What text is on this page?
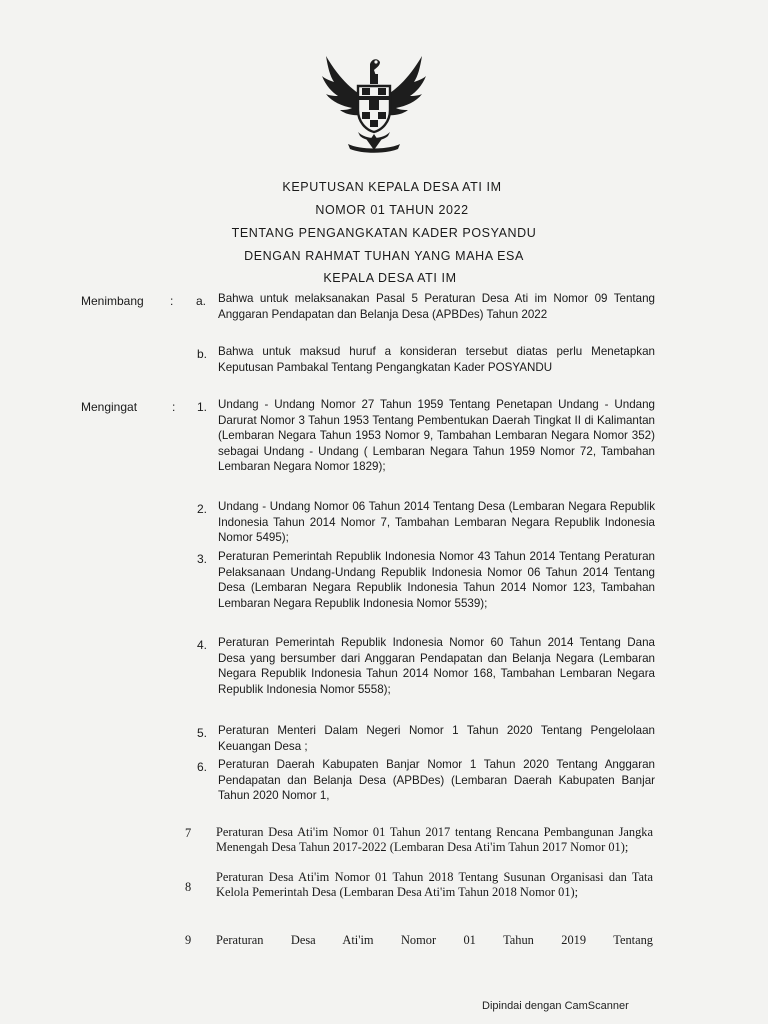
KEPUTUSAN KEPALA DESA ATI IM
NOMOR 01 TAHUN 2022
TENTANG PENGANGKATAN KADER POSYANDU
DENGAN RAHMAT TUHAN YANG MAHA ESA
KEPALA DESA ATI IM
Menimbang : a. Bahwa untuk melaksanakan Pasal 5 Peraturan Desa Ati im Nomor 09 Tentang Anggaran Pendapatan dan Belanja Desa (APBDes) Tahun 2022
b. Bahwa untuk maksud huruf a konsideran tersebut diatas perlu Menetapkan Keputusan Pambakal Tentang Pengangkatan Kader POSYANDU
Mengingat	: 1. Undang - Undang Nomor 27 Tahun 1959 Tentang Penetapan Undang - Undang Darurat Nomor 3 Tahun 1953 Tentang Pembentukan Daerah Tingkat II di Kalimantan (Lembaran Negara Tahun 1953 Nomor 9, Tambahan Lembaran Negara Nomor 352) sebagai Undang - Undang ( Lembaran Negara Tahun 1959 Nomor 72, Tambahan Lembaran Negara Nomor 1829);
2. Undang - Undang Nomor 06 Tahun 2014 Tentang Desa (Lembaran Negara Republik Indonesia Tahun 2014 Nomor 7, Tambahan Lembaran Negara Republik Indonesia Nomor 5495);
3. Peraturan Pemerintah Republik Indonesia Nomor 43 Tahun 2014 Tentang Peraturan Pelaksanaan Undang-Undang Republik Indonesia Nomor 06 Tahun 2014 Tentang Desa (Lembaran Negara Republik Indonesia Tahun 2014 Nomor 123, Tambahan Lembaran Negara Republik Indonesia Nomor 5539);
4. Peraturan Pemerintah Republik Indonesia Nomor 60 Tahun 2014 Tentang Dana Desa yang bersumber dari Anggaran Pendapatan dan Belanja Negara (Lembaran Negara Republik Indonesia Tahun 2014 Nomor 168, Tambahan Lembaran Negara Republik Indonesia Nomor 5558);
5. Peraturan Menteri Dalam Negeri Nomor 1 Tahun 2020 Tentang Pengelolaan Keuangan Desa ;
6. Peraturan Daerah Kabupaten Banjar Nomor 1 Tahun 2020 Tentang Anggaran Pendapatan dan Belanja Desa (APBDes) (Lembaran Daerah Kabupaten Banjar Tahun 2020 Nomor 1,
7 Peraturan Desa Ati'im Nomor 01 Tahun 2017 tentang Rencana Pembangunan Jangka Menengah Desa Tahun 2017-2022 (Lembaran Desa Ati'im Tahun 2017 Nomor 01);
8
Peraturan Desa Ati'im Nomor 01 Tahun 2018 Tentang Susunan Organisasi dan Tata Kelola Pemerintah Desa (Lembaran Desa Ati'im Tahun 2018 Nomor 01);
9 Peraturan Desa Ati'im Nomor 01 Tahun 2019 Tentang
Dipindai dengan CamScanner
